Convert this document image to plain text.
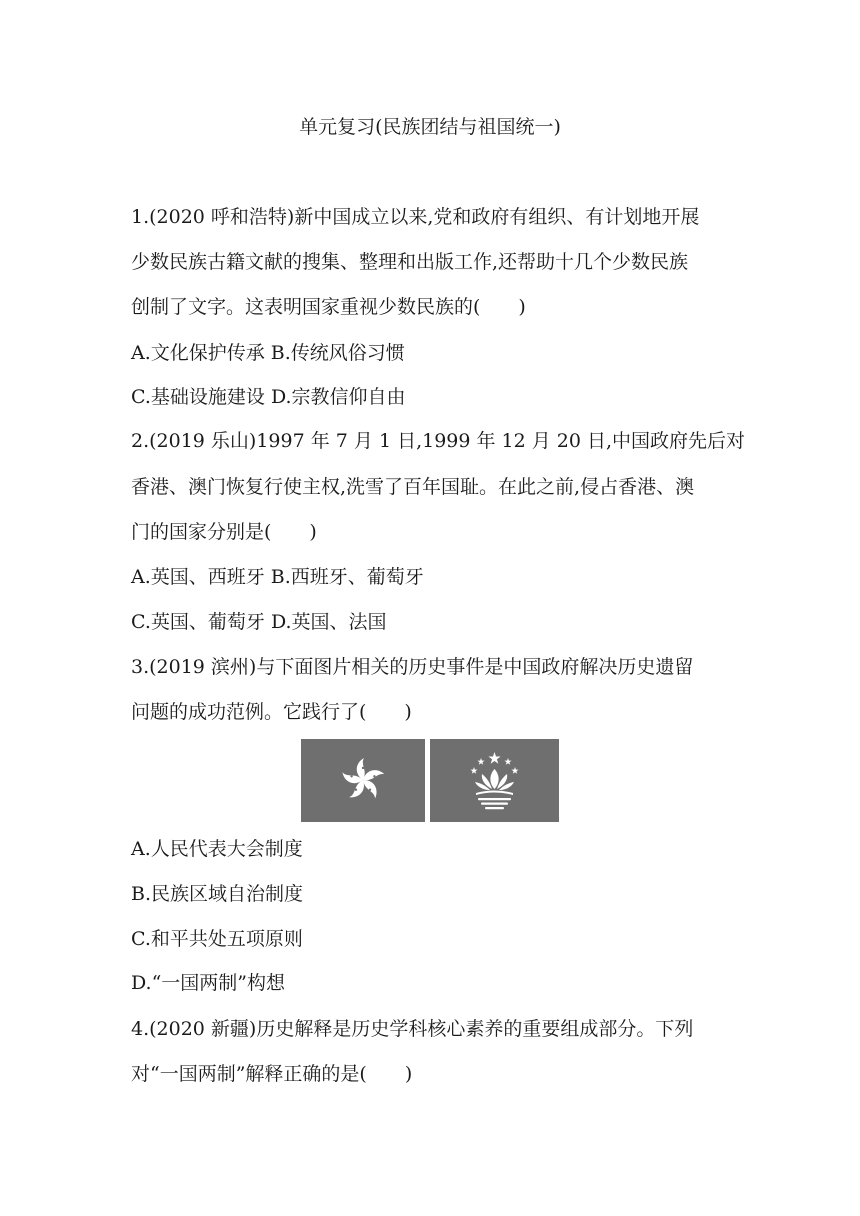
单元复习(民族团结与祖国统一)
1.(2020 呼和浩特)新中国成立以来,党和政府有组织、有计划地开展
少数民族古籍文献的搜集、整理和出版工作,还帮助十几个少数民族
创制了文字。这表明国家重视少数民族的(　　)
A.文化保护传承 B.传统风俗习惯
C.基础设施建设 D.宗教信仰自由
2.(2019 乐山)1997 年 7 月 1 日,1999 年 12 月 20 日,中国政府先后对
香港、澳门恢复行使主权,洗雪了百年国耻。在此之前,侵占香港、澳
门的国家分别是(　　)
A.英国、西班牙 B.西班牙、葡萄牙
C.英国、葡萄牙 D.英国、法国
3.(2019 滨州)与下面图片相关的历史事件是中国政府解决历史遗留
问题的成功范例。它践行了(　　)
A.人民代表大会制度
B.民族区域自治制度
C.和平共处五项原则
D.“一国两制”构想
4.(2020 新疆)历史解释是历史学科核心素养的重要组成部分。下列
对“一国两制”解释正确的是(　　)
